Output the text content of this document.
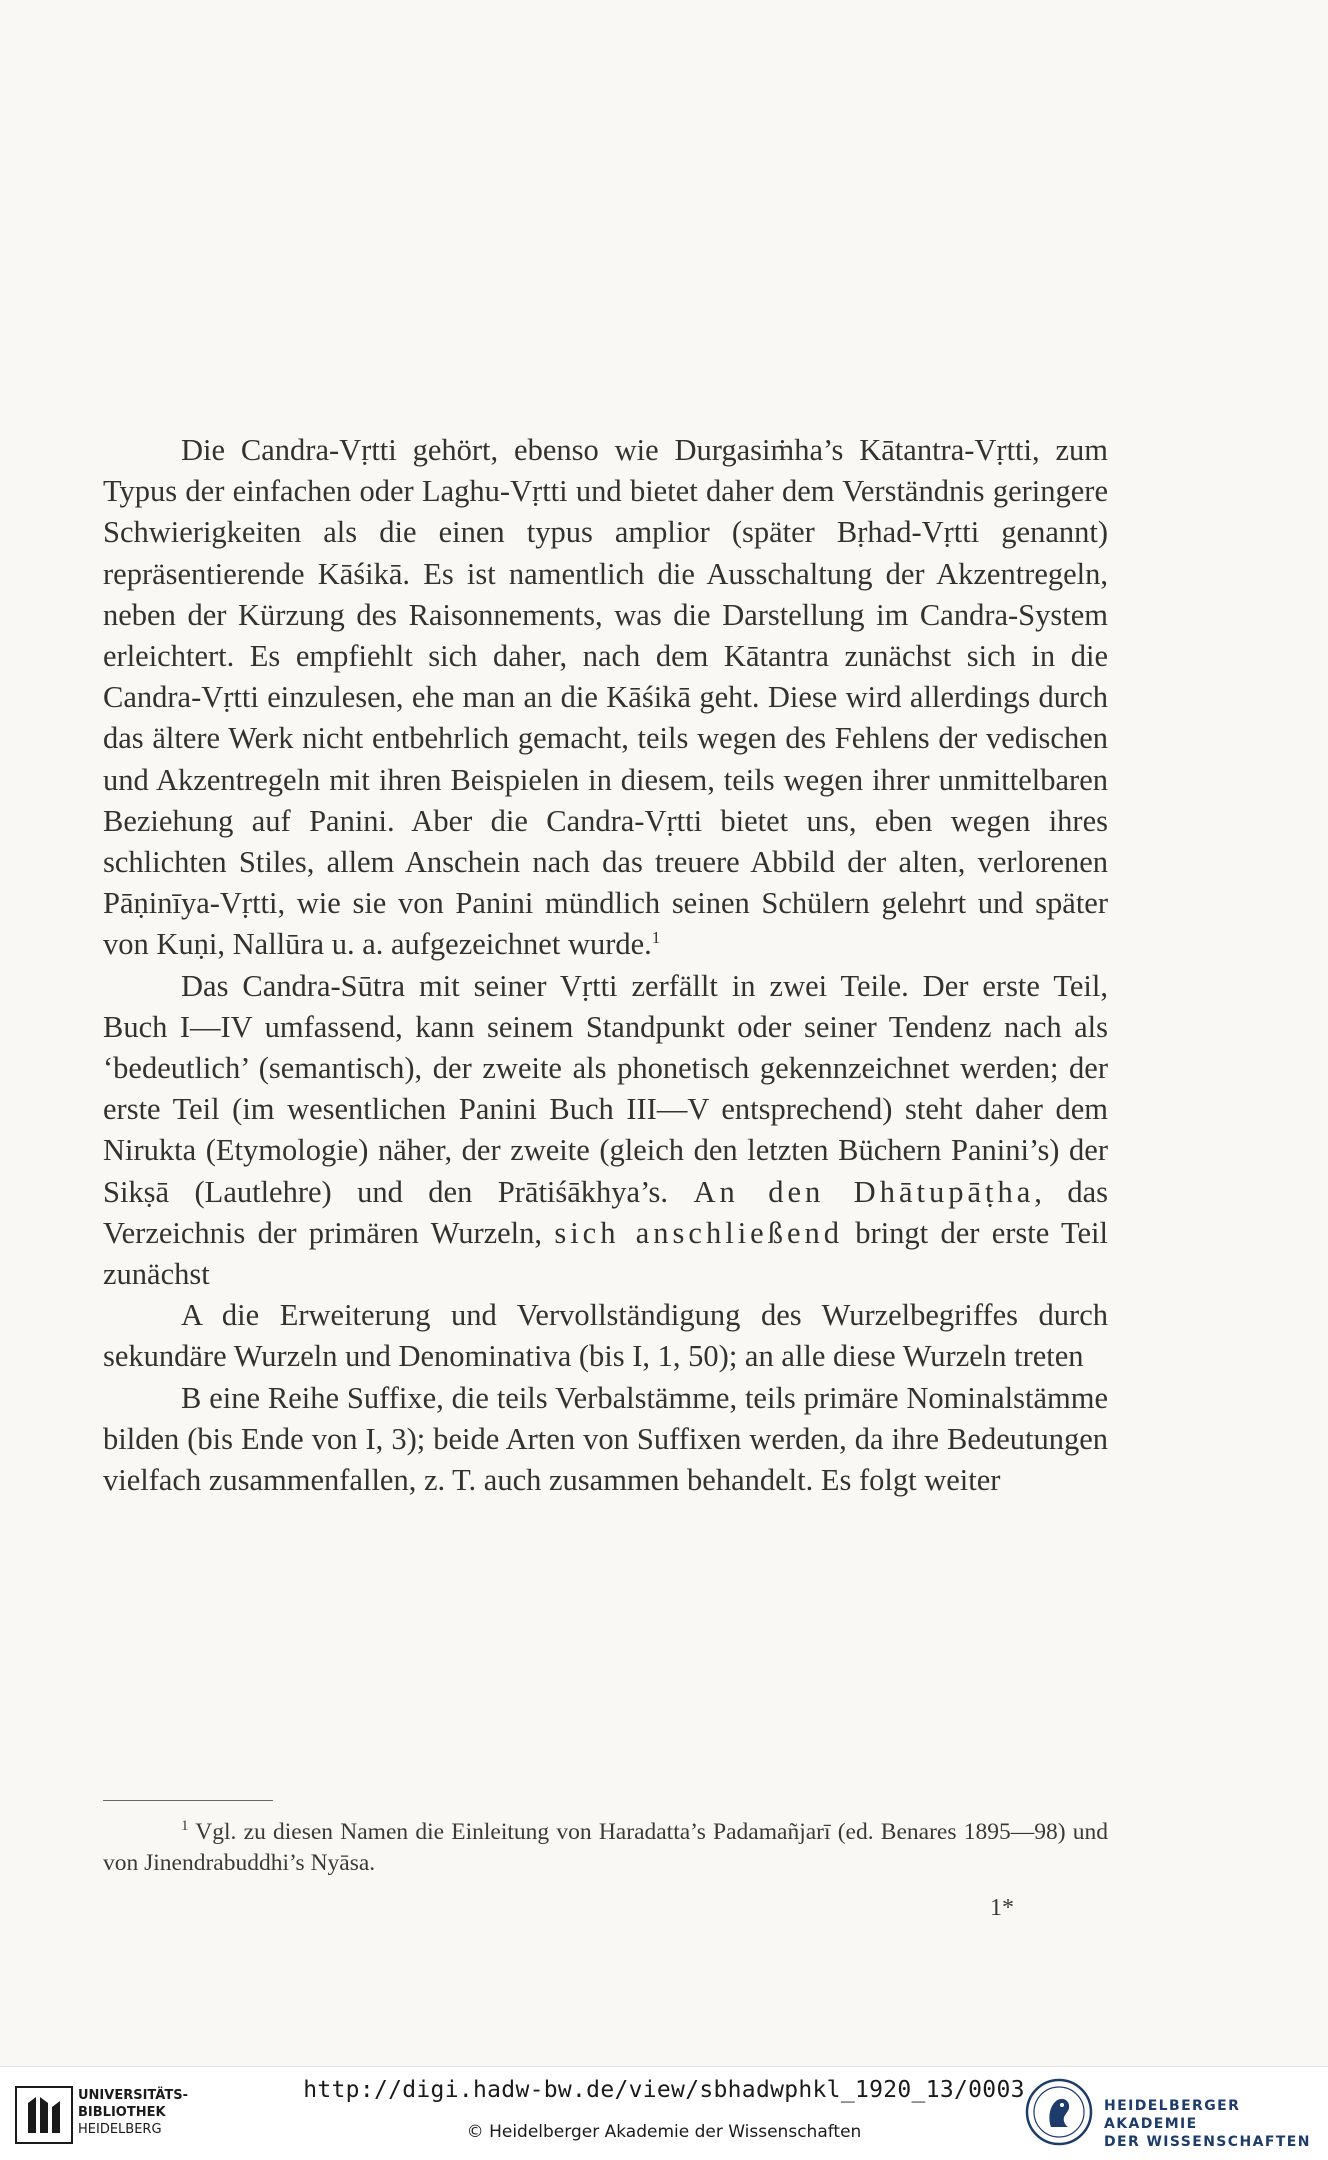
Die Candra-Vṛtti gehört, ebenso wie Durgasiṁha’s Kātantra-Vṛtti, zum Typus der einfachen oder Laghu-Vṛtti und bietet daher dem Verständnis geringere Schwierigkeiten als die einen typus amplior (später Bṛhad-Vṛtti genannt) repräsentierende Kāśikā. Es ist namentlich die Ausschaltung der Akzentregeln, neben der Kürzung des Raisonnements, was die Darstellung im Candra-System erleichtert. Es empfiehlt sich daher, nach dem Kātantra zunächst sich in die Candra-Vṛtti einzulesen, ehe man an die Kāśikā geht. Diese wird allerdings durch das ältere Werk nicht entbehrlich gemacht, teils wegen des Fehlens der vedischen und Akzentregeln mit ihren Beispielen in diesem, teils wegen ihrer unmittelbaren Beziehung auf Panini. Aber die Candra-Vṛtti bietet uns, eben wegen ihres schlichten Stiles, allem Anschein nach das treuere Abbild der alten, verlorenen Pāṇinīya-Vṛtti, wie sie von Panini mündlich seinen Schülern gelehrt und später von Kuṇi, Nallūra u. a. aufgezeichnet wurde.$^1$

Das Candra-Sūtra mit seiner Vṛtti zerfällt in zwei Teile. Der erste Teil, Buch I—IV umfassend, kann seinem Standpunkt oder seiner Tendenz nach als ‘bedeutlich’ (semantisch), der zweite als phonetisch gekennzeichnet werden; der erste Teil (im wesentlichen Panini Buch III—V entsprechend) steht daher dem Nirukta (Etymologie) näher, der zweite (gleich den letzten Büchern Panini’s) der Sikṣā (Lautlehre) und den Prātiśākhya’s. An den Dhātupāṭha, das Verzeichnis der primären Wurzeln, sich anschließend bringt der erste Teil zunächst

A die Erweiterung und Vervollständigung des Wurzelbegriffes durch sekundäre Wurzeln und Denominativa (bis I, 1, 50); an alle diese Wurzeln treten

B eine Reihe Suffixe, die teils Verbalstämme, teils primäre Nominalstämme bilden (bis Ende von I, 3); beide Arten von Suffixen werden, da ihre Bedeutungen vielfach zusammenfallen, z. T. auch zusammen behandelt. Es folgt weiter

$^1$ Vgl. zu diesen Namen die Einleitung von Haradatta’s Padamañjarī (ed. Benares 1895—98) und von Jinendrabuddhi’s Nyāsa.

1*
UNIVERSITÄTS-
BIBLIOTHEK
HEIDELBERG
http://digi.hadw-bw.de/view/sbhadwphkl_1920_13/0003
© Heidelberger Akademie der Wissenschaften
HEIDELBERGER AKADEMIE
DER WISSENSCHAFTEN
